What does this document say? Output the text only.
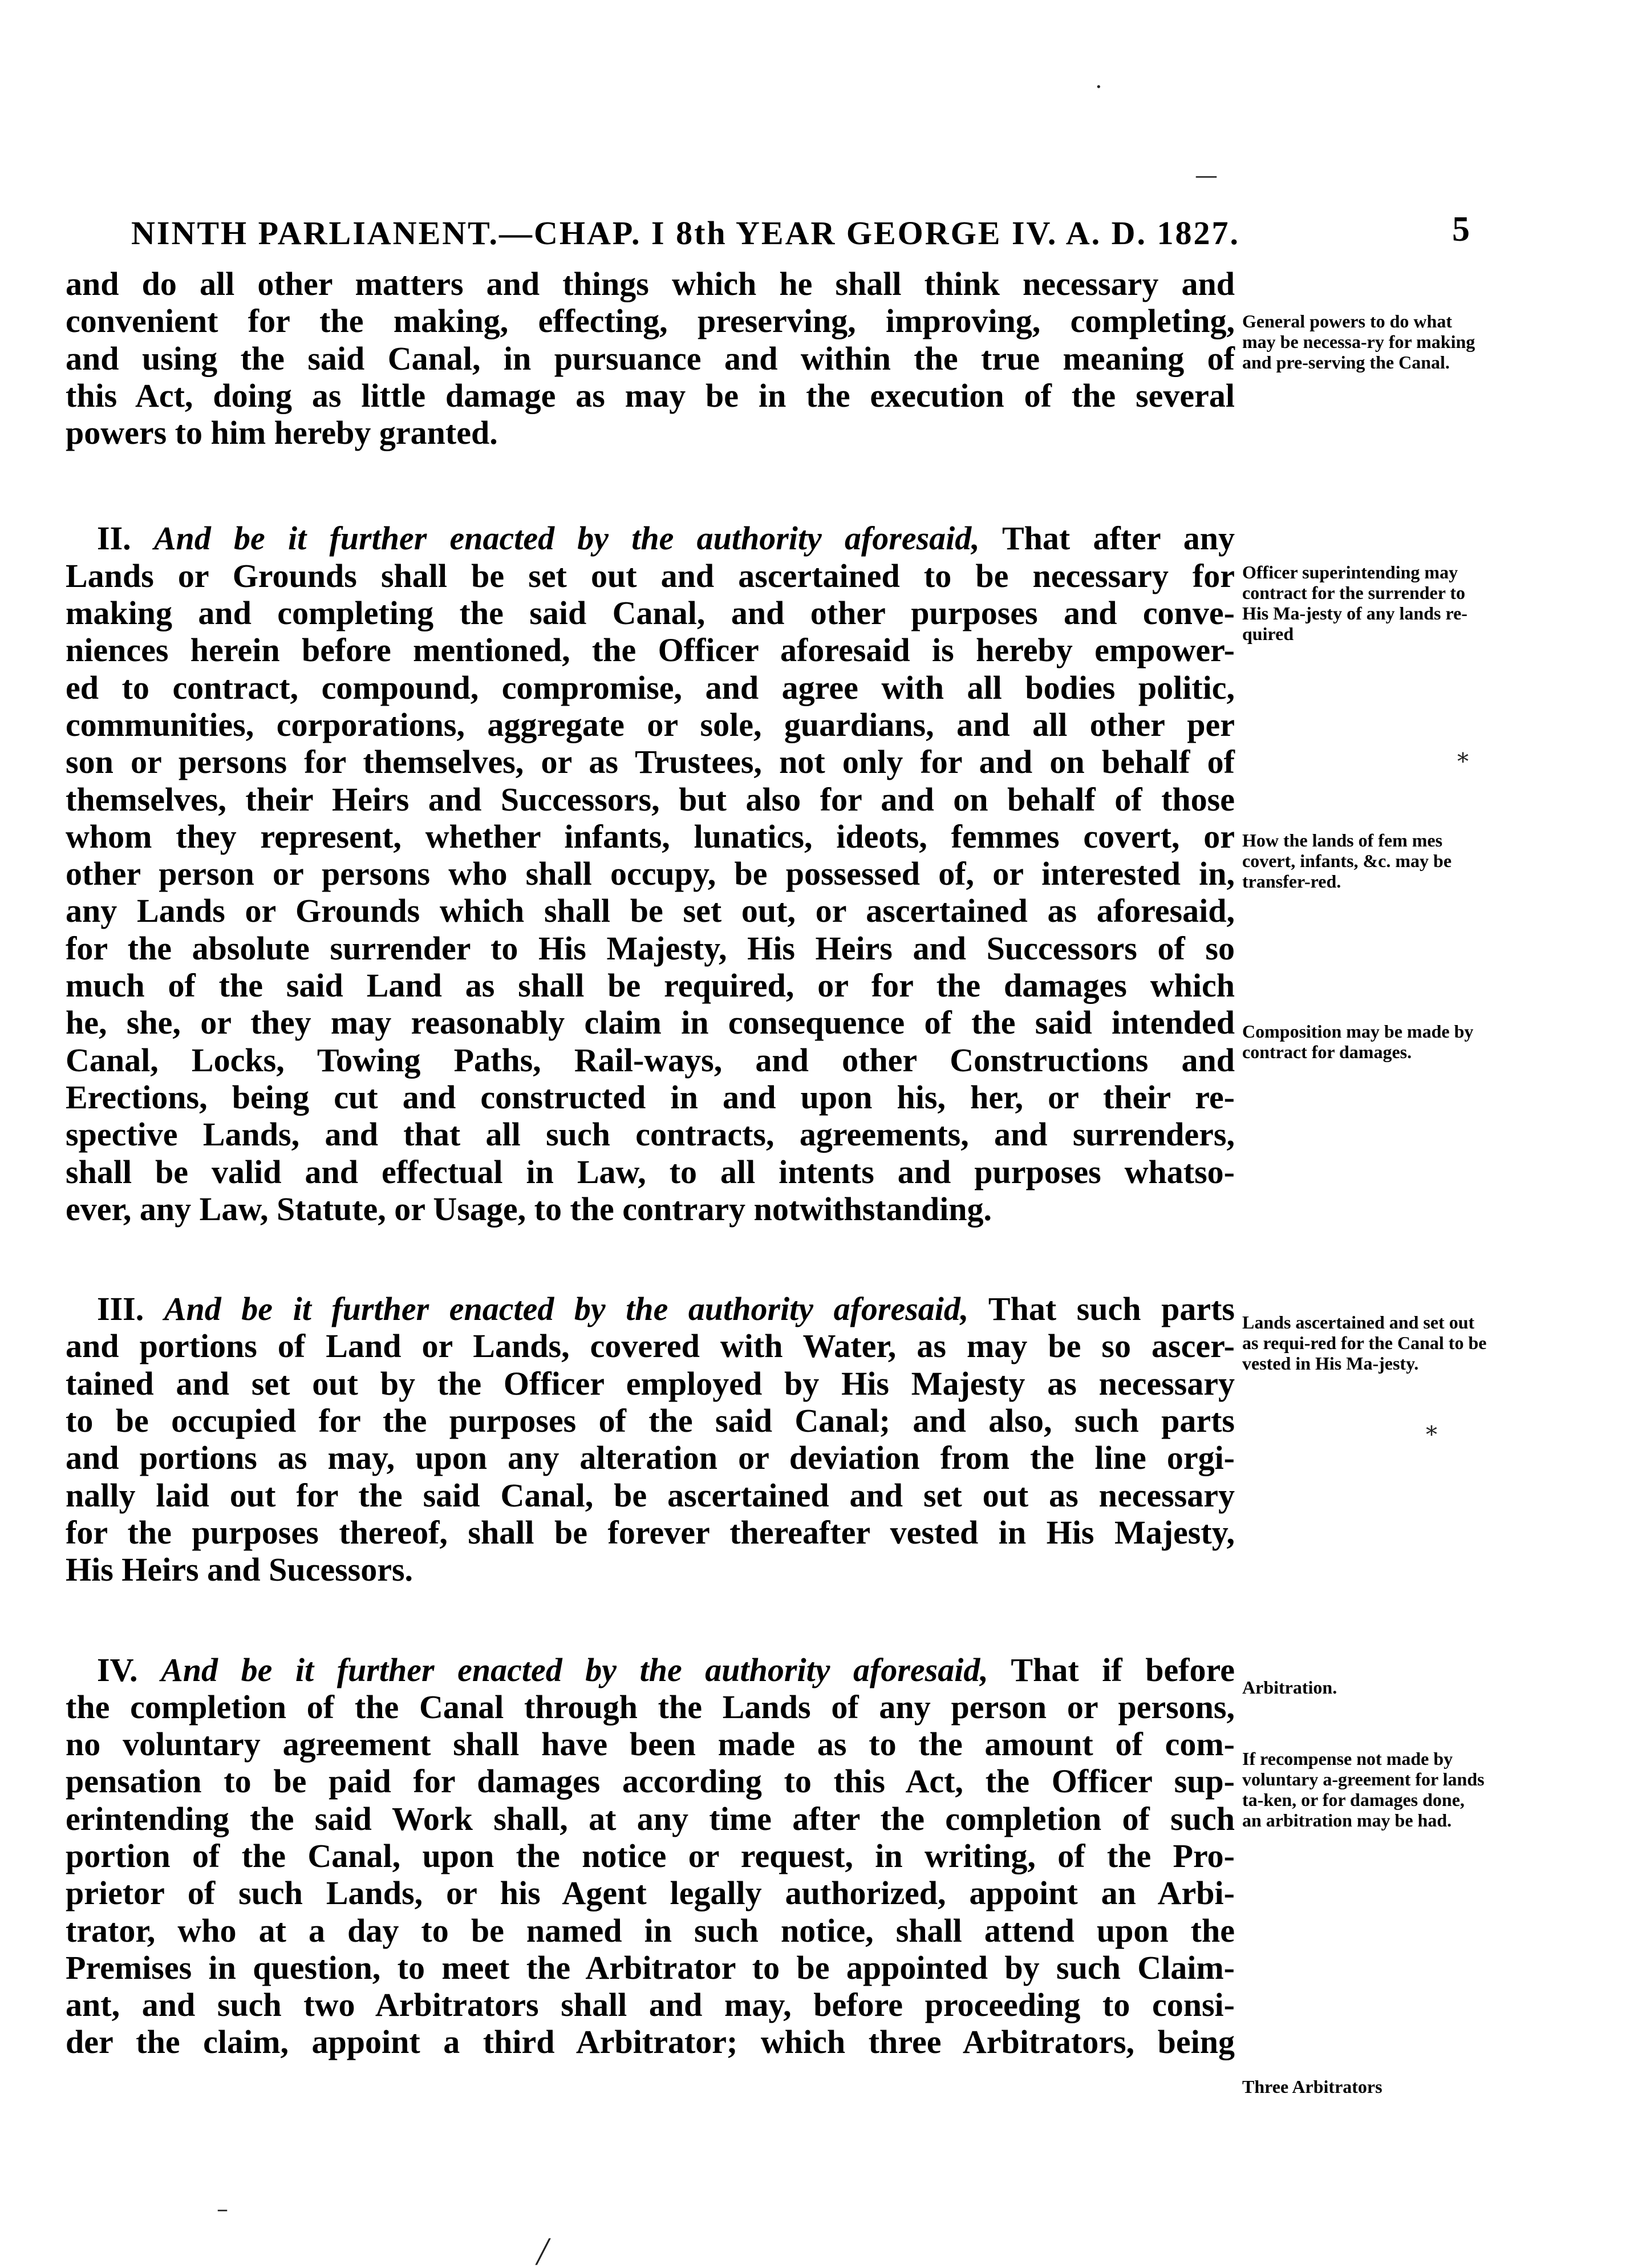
·
—
NINTH PARLIANENT.—CHAP. I 8th YEAR GEORGE IV. A. D. 1827.	5
and do all other matters and things which he shall think necessary and
convenient for the making, effecting, preserving, improving, completing,
and using the said Canal, in pursuance and within the true meaning of
this Act, doing as little damage as may be in the execution of the several
powers to him hereby granted.
II. And be it further enacted by the authority aforesaid, That after any
Lands or Grounds shall be set out and ascertained to be necessary for
making and completing the said Canal, and other purposes and conve-
niences herein before mentioned, the Officer aforesaid is hereby empower-
ed to contract, compound, compromise, and agree with all bodies politic,
communities, corporations, aggregate or sole, guardians, and all other per
son or persons for themselves, or as Trustees, not only for and on behalf of
themselves, their Heirs and Successors, but also for and on behalf of those
whom they represent, whether infants, lunatics, ideots, femmes covert, or
other person or persons who shall occupy, be possessed of, or interested in,
any Lands or Grounds which shall be set out, or ascertained as aforesaid,
for the absolute surrender to His Majesty, His Heirs and Successors of so
much of the said Land as shall be required, or for the damages which
he, she, or they may reasonably claim in consequence of the said intended
Canal, Locks, Towing Paths, Rail-ways, and other Constructions and
Erections, being cut and constructed in and upon his, her, or their re-
spective Lands, and that all such contracts, agreements, and surrenders,
shall be valid and effectual in Law, to all intents and purposes whatso-
ever, any Law, Statute, or Usage, to the contrary notwithstanding.
III. And be it further enacted by the authority aforesaid, That such parts
and portions of Land or Lands, covered with Water, as may be so ascer-
tained and set out by the Officer employed by His Majesty as necessary
to be occupied for the purposes of the said Canal; and also, such parts
and portions as may, upon any alteration or deviation from the line orgi-
nally laid out for the said Canal, be ascertained and set out as necessary
for the purposes thereof, shall be forever thereafter vested in His Majesty,
His Heirs and Sucessors.
IV. And be it further enacted by the authority aforesaid, That if before
the completion of the Canal through the Lands of any person or persons,
no voluntary agreement shall have been made as to the amount of com-
pensation to be paid for damages according to this Act, the Officer sup-
erintending the said Work shall, at any time after the completion of such
portion of the Canal, upon the notice or request, in writing, of the Pro-
prietor of such Lands, or his Agent legally authorized, appoint an Arbi-
trator, who at a day to be named in such notice, shall attend upon the
Premises in question, to meet the Arbitrator to be appointed by such Claim-
ant, and such two Arbitrators shall and may, before proceeding to consi-
der the claim, appoint a third Arbitrator; which three Arbitrators, being
General powers to do what may be necessa-ry for making and pre-serving the Canal.
Officer superintending may contract for the surrender to His Ma-jesty of any lands re-quired
How the lands of fem mes covert, infants, &c. may be transfer-red.
Composition may be made by contract for damages.
Lands ascertained and set out as requi-red for the Canal to be vested in His Ma-jesty.
Arbitration.
If recompense not made by voluntary a-greement for lands ta-ken, or for damages done, an arbitration may be had.
Three Arbitrators
⁎
⁎
–
╱
